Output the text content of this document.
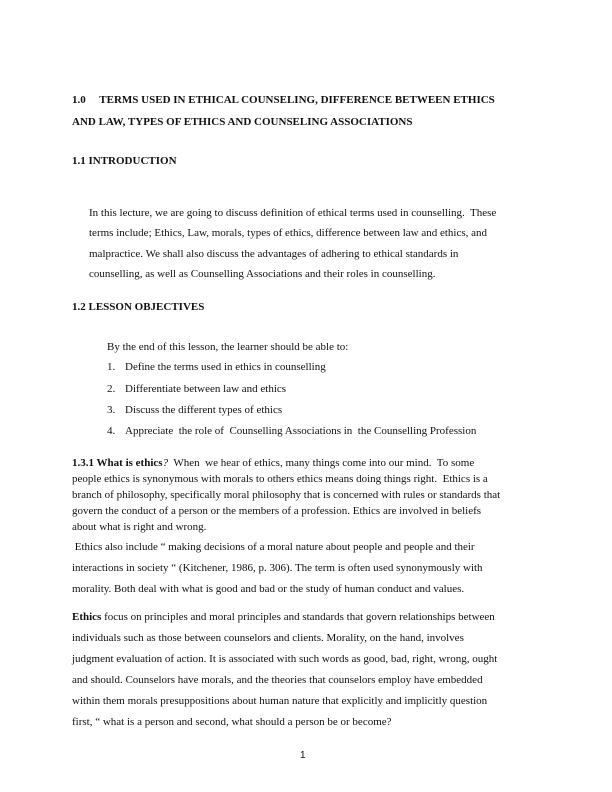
1.0     TERMS USED IN ETHICAL COUNSELING, DIFFERENCE BETWEEN ETHICS
AND LAW, TYPES OF ETHICS AND COUNSELING ASSOCIATIONS
1.1 INTRODUCTION
In this lecture, we are going to discuss definition of ethical terms used in counselling.  These
terms include; Ethics, Law, morals, types of ethics, difference between law and ethics, and
malpractice. We shall also discuss the advantages of adhering to ethical standards in
counselling, as well as Counselling Associations and their roles in counselling.
1.2 LESSON OBJECTIVES
By the end of this lesson, the learner should be able to:
1. Define the terms used in ethics in counselling
2. Differentiate between law and ethics
3. Discuss the different types of ethics
4. Appreciate  the role of  Counselling Associations in  the Counselling Profession
1.3.1 What is ethics?  When  we hear of ethics, many things come into our mind.  To some
people ethics is synonymous with morals to others ethics means doing things right.  Ethics is a
branch of philosophy, specifically moral philosophy that is concerned with rules or standards that
govern the conduct of a person or the members of a profession. Ethics are involved in beliefs
about what is right and wrong.
Ethics also include “ making decisions of a moral nature about people and people and their
interactions in society “ (Kitchener, 1986, p. 306). The term is often used synonymously with
morality. Both deal with what is good and bad or the study of human conduct and values.
Ethics focus on principles and moral principles and standards that govern relationships between
individuals such as those between counselors and clients. Morality, on the hand, involves
judgment evaluation of action. It is associated with such words as good, bad, right, wrong, ought
and should. Counselors have morals, and the theories that counselors employ have embedded
within them morals presuppositions about human nature that explicitly and implicitly question
first, “ what is a person and second, what should a person be or become?
1
